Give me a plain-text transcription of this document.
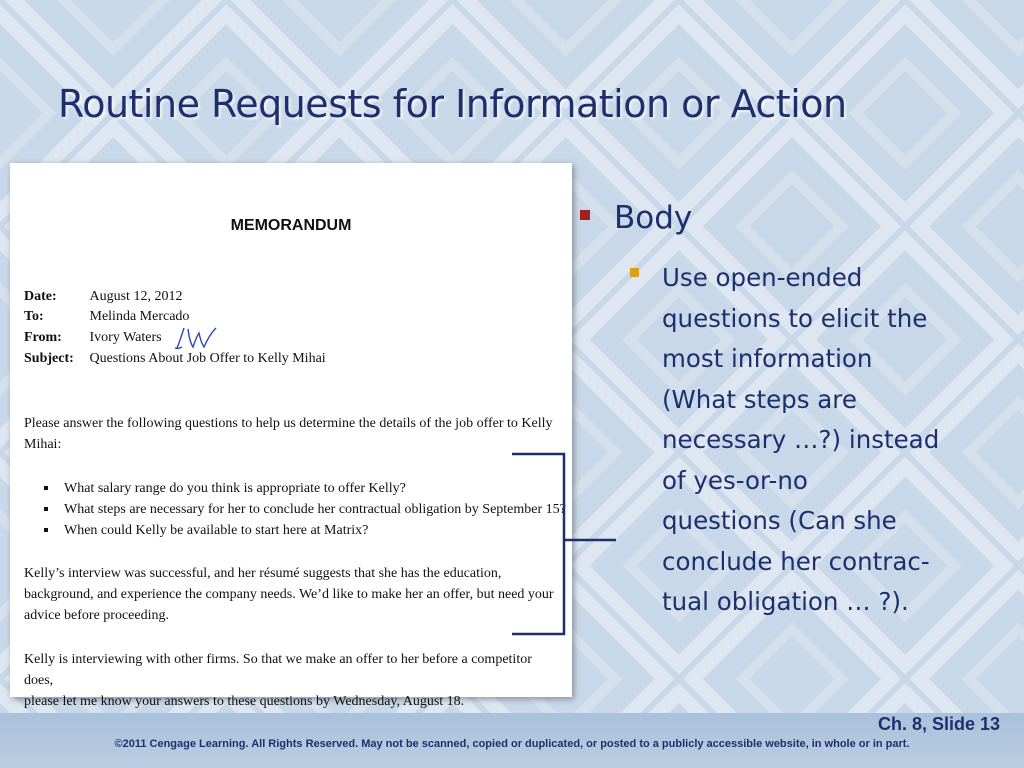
Routine Requests for Information or Action
MEMORANDUM
Date: August 12, 2012
To:	Melinda Mercado
From: Ivory Waters
Subject: Questions About Job Offer to Kelly Mihai
Please answer the following questions to help us determine the details of the job offer to Kelly
Mihai:
What salary range do you think is appropriate to offer Kelly?
What steps are necessary for her to conclude her contractual obligation by September 15?
When could Kelly be available to start here at Matrix?
Kelly’s interview was successful, and her résumé suggests that she has the education,
background, and experience the company needs. We’d like to make her an offer, but need your
advice before proceeding.
Kelly is interviewing with other firms. So that we make an offer to her before a competitor does,
please let me know your answers to these questions by Wednesday, August 18.
Body
Use open-ended
questions to elicit the
most information
(What steps are
necessary …?) instead
of yes-or-no
questions (Can she
conclude her contrac-
tual obligation … ?).
Ch. 8, Slide 13
©2011 Cengage Learning. All Rights Reserved. May not be scanned, copied or duplicated, or posted to a publicly accessible website, in whole or in part.
